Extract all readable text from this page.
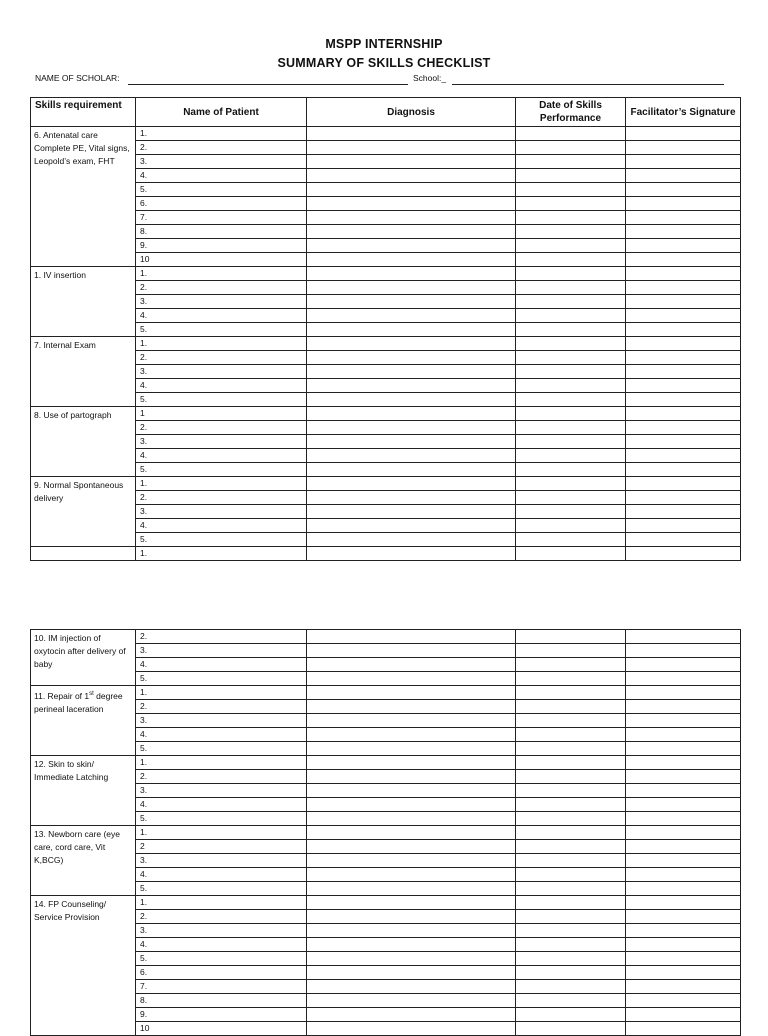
MSPP INTERNSHIP
SUMMARY OF SKILLS CHECKLIST
NAME OF SCHOLAR:	School:_
Skills requirement	Name of Patient	Diagnosis	Date of Skills Performance	Facilitator’s Signature
6. Antenatal care Complete PE, Vital signs, Leopold’s exam, FHT	1.			
	2.			
	3.			
	4.			
	5.			
	6.			
	7.			
	8.			
	9.			
	10			
1. IV insertion	1.			
	2.			
	3.			
	4.			
	5.			
7. Internal Exam	1.			
	2.			
	3.			
	4.			
	5.			
8. Use of partograph	1			
	2.			
	3.			
	4.			
	5.			
9. Normal Spontaneous delivery	1.			
	2.			
	3.			
	4.			
	5.			
	1.			
10. IM injection of oxytocin after delivery of baby	2.			
	3.			
	4.			
	5.			
11. Repair of 1st degree perineal laceration	1.			
	2.			
	3.			
	4.			
	5.			
12. Skin to skin/ Immediate Latching	1.			
	2.			
	3.			
	4.			
	5.			
13. Newborn care (eye care, cord care, Vit K,BCG)	1.			
	2			
	3.			
	4.			
	5.			
14. FP Counseling/ Service Provision	1.			
	2.			
	3.			
	4.			
	5.			
	6.			
	7.			
	8.			
	9.			
	10			
